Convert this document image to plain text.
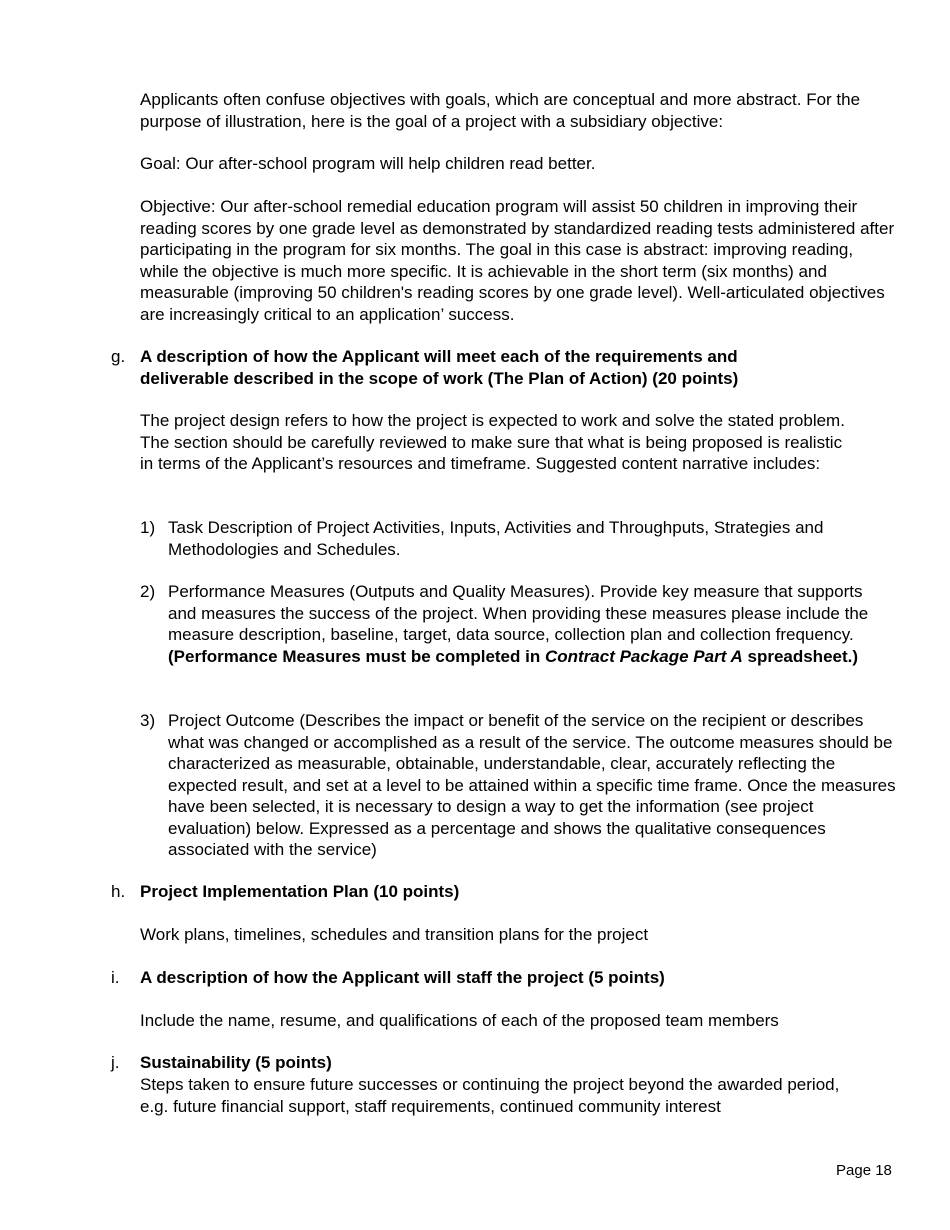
Applicants often confuse objectives with goals, which are conceptual and more abstract. For the purpose of illustration, here is the goal of a project with a subsidiary objective:

Goal: Our after-school program will help children read better.

Objective: Our after-school remedial education program will assist 50 children in improving their reading scores by one grade level as demonstrated by standardized reading tests administered after participating in the program for six months. The goal in this case is abstract: improving reading, while the objective is much more specific. It is achievable in the short term (six months) and measurable (improving 50 children's reading scores by one grade level). Well-articulated objectives are increasingly critical to an application’ success.

g. A description of how the Applicant will meet each of the requirements and deliverable described in the scope of work (The Plan of Action) (20 points)

The project design refers to how the project is expected to work and solve the stated problem. The section should be carefully reviewed to make sure that what is being proposed is realistic in terms of the Applicant’s resources and timeframe. Suggested content narrative includes:

1) Task Description of Project Activities, Inputs, Activities and Throughputs, Strategies and Methodologies and Schedules.

2) Performance Measures (Outputs and Quality Measures). Provide key measure that supports and measures the success of the project. When providing these measures please include the measure description, baseline, target, data source, collection plan and collection frequency. (Performance Measures must be completed in Contract Package Part A spreadsheet.)

3) Project Outcome (Describes the impact or benefit of the service on the recipient or describes what was changed or accomplished as a result of the service. The outcome measures should be characterized as measurable, obtainable, understandable, clear, accurately reflecting the expected result, and set at a level to be attained within a specific time frame. Once the measures have been selected, it is necessary to design a way to get the information (see project evaluation) below. Expressed as a percentage and shows the qualitative consequences associated with the service)

h. Project Implementation Plan (10 points)

Work plans, timelines, schedules and transition plans for the project

i. A description of how the Applicant will staff the project (5 points)

Include the name, resume, and qualifications of each of the proposed team members

j. Sustainability (5 points)

Steps taken to ensure future successes or continuing the project beyond the awarded period, e.g. future financial support, staff requirements, continued community interest

Page 18
